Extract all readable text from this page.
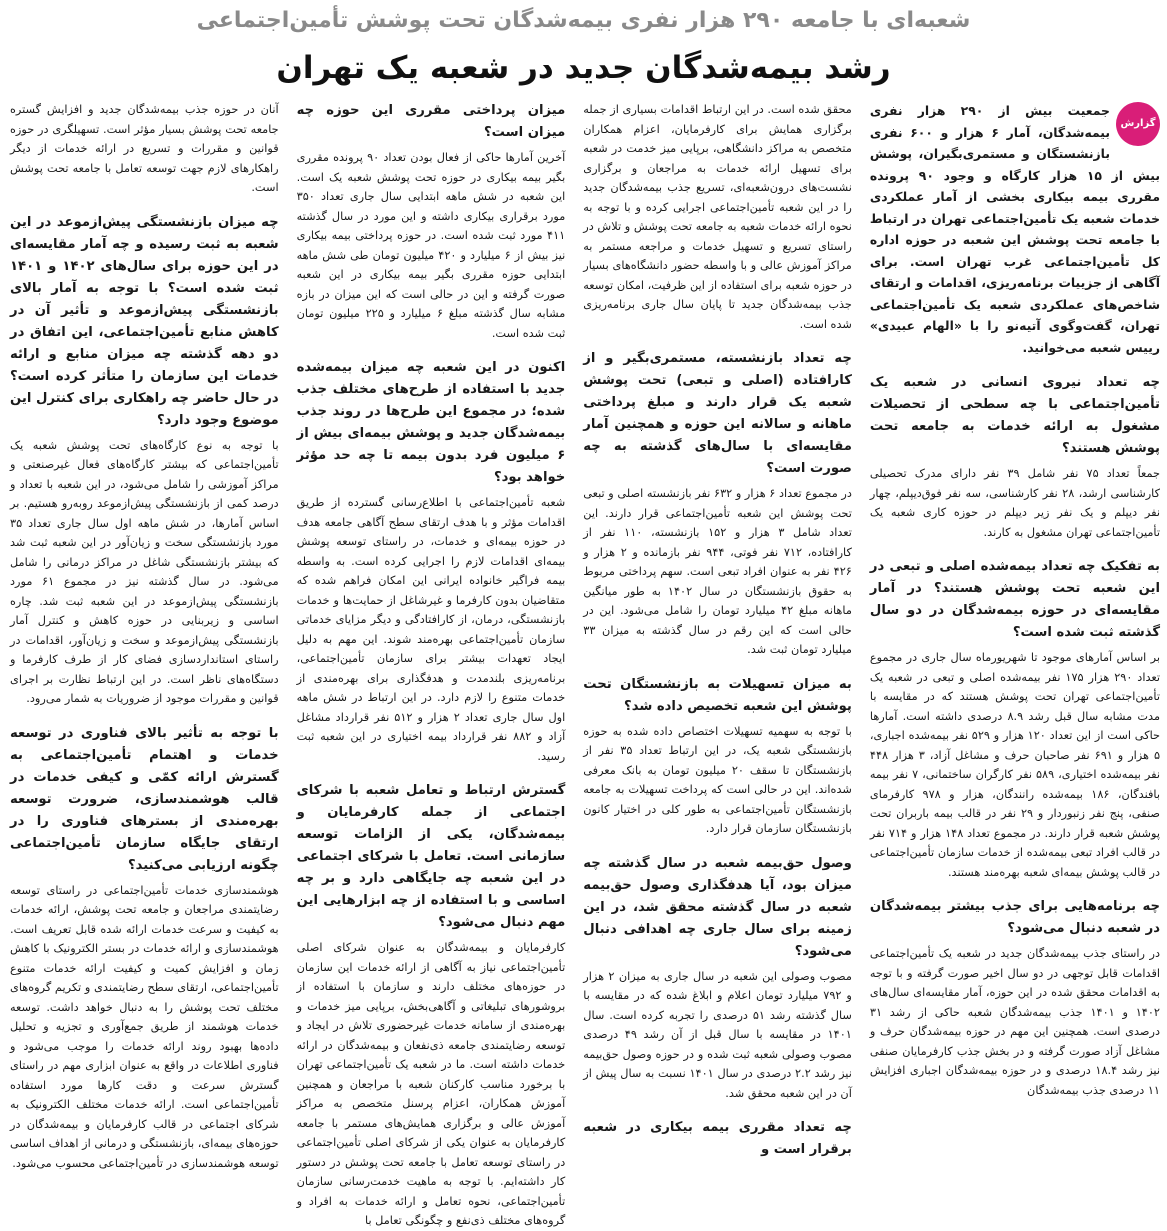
شعبه‌ای با جامعه ۲۹۰ هزار نفری بیمه‌شدگان تحت پوشش تأمین‌اجتماعی
رشد بیمه‌شدگان جدید در شعبه یک تهران
گزارش

جمعیت بیش از ۲۹۰ هزار نفری بیمه‌شدگان، آمار ۶ هزار و ۶۰۰ نفری بازنشستگان و مستمری‌بگیران، پوشش بیش از ۱۵ هزار کارگاه و وجود ۹۰ پرونده مقرری بیمه بیکاری بخشی از آمار عملکردی خدمات شعبه یک تأمین‌اجتماعی تهران در ارتباط با جامعه تحت پوشش این شعبه در حوزه اداره کل تأمین‌اجتماعی غرب تهران است. برای آگاهی از جزییات برنامه‌ریزی، اقدامات و ارتقای شاخص‌های عملکردی شعبه یک تأمین‌اجتماعی تهران، گفت‌وگوی آتیه‌نو را با «الهام عبیدی» رییس شعبه می‌خوانید.

چه تعداد نیروی انسانی در شعبه یک تأمین‌اجتماعی با چه سطحی از تحصیلات مشغول به ارائه خدمات به جامعه تحت پوشش هستند؟

جمعاً تعداد ۷۵ نفر شامل ۳۹ نفر دارای مدرک تحصیلی کارشناسی ارشد، ۲۸ نفر کارشناسی، سه نفر فوق‌دیپلم، چهار نفر دیپلم و یک نفر زیر دیپلم در حوزه کاری شعبه یک تأمین‌اجتماعی تهران مشغول به کارند.

به تفکیک چه تعداد بیمه‌شده اصلی و تبعی در این شعبه تحت پوشش هستند؟ در آمار مقایسه‌ای در حوزه بیمه‌شدگان در دو سال گذشته ثبت شده است؟

بر اساس آمارهای موجود تا شهریورماه سال جاری در مجموع تعداد ۲۹۰ هزار ۱۷۵ نفر بیمه‌شده اصلی و تبعی در شعبه یک تأمین‌اجتماعی تهران تحت پوشش هستند که در مقایسه با مدت مشابه سال قبل رشد ۸.۹ درصدی داشته است. آمارها حاکی است از این تعداد ۱۲۰ هزار و ۵۲۹ نفر بیمه‌شده اجباری، ۵ هزار و ۶۹۱ نفر صاحبان حرف و مشاغل آزاد، ۳ هزار ۴۴۸ نفر بیمه‌شده اختیاری، ۵۸۹ نفر کارگران ساختمانی، ۷ نفر بیمه بافندگان، ۱۸۶ بیمه‌شده رانندگان، هزار و ۹۷۸ کارفرمای صنفی، پنج نفر زنبوردار و ۲۹ نفر در قالب بیمه باربران تحت پوشش شعبه قرار دارند. در مجموع تعداد ۱۴۸ هزار و ۷۱۴ نفر در قالب افراد تبعی بیمه‌شده از خدمات سازمان تأمین‌اجتماعی در قالب پوشش بیمه‌ای شعبه بهره‌مند هستند.

چه برنامه‌هایی برای جذب بیشتر بیمه‌شدگان در شعبه دنبال می‌شود؟

در راستای جذب بیمه‌شدگان جدید در شعبه یک تأمین‌اجتماعی اقدامات قابل توجهی در دو سال اخیر صورت گرفته و با توجه به اقدامات محقق شده در این حوزه، آمار مقایسه‌ای سال‌های ۱۴۰۲ و ۱۴۰۱ جذب بیمه‌شدگان شعبه حاکی از رشد ۳۱ درصدی است. همچنین این مهم در حوزه بیمه‌شدگان حرف و مشاغل آزاد صورت گرفته و در بخش جذب کارفرمایان صنفی نیز رشد ۱۸.۴ درصدی و در حوزه بیمه‌شدگان اجباری افزایش ۱۱ درصدی جذب بیمه‌شدگان

محقق شده است. در این ارتباط اقدامات بسیاری از جمله برگزاری همایش برای کارفرمایان، اعزام همکاران متخصص به مراکز دانشگاهی، برپایی میز خدمت در شعبه برای تسهیل ارائه خدمات به مراجعان و برگزاری نشست‌های درون‌شعبه‌ای، تسریع جذب بیمه‌شدگان جدید را در این شعبه تأمین‌اجتماعی اجرایی کرده و با توجه به نحوه ارائه خدمات شعبه به جامعه تحت پوشش و تلاش در راستای تسریع و تسهیل خدمات و مراجعه مستمر به مراکز آموزش عالی و با واسطه حضور دانشگاه‌های بسیار در حوزه شعبه برای استفاده از این ظرفیت، امکان توسعه جذب بیمه‌شدگان جدید تا پایان سال جاری برنامه‌ریزی شده است.

چه تعداد بازنشسته، مستمری‌بگیر و از کارافتاده (اصلی و تبعی) تحت پوشش شعبه یک قرار دارند و مبلغ پرداختی ماهانه و سالانه این حوزه و همچنین آمار مقایسه‌ای با سال‌های گذشته به چه صورت است؟

در مجموع تعداد ۶ هزار و ۶۳۲ نفر بازنشسته اصلی و تبعی تحت پوشش این شعبه تأمین‌اجتماعی قرار دارند. این تعداد شامل ۳ هزار و ۱۵۲ بازنشسته، ۱۱۰ نفر از کارافتاده، ۷۱۲ نفر فوتی، ۹۴۴ نفر بازمانده و ۲ هزار و ۴۲۶ نفر به عنوان افراد تبعی است. سهم پرداختی مربوط به حقوق بازنشستگان در سال ۱۴۰۲ به طور میانگین ماهانه مبلغ ۴۲ میلیارد تومان را شامل می‌شود. این در حالی است که این رقم در سال گذشته به میزان ۳۳ میلیارد تومان ثبت شد.

به میزان تسهیلات به بازنشستگان تحت پوشش این شعبه تخصیص داده شد؟

با توجه به سهمیه تسهیلات اختصاص داده شده به حوزه بازنشستگی شعبه یک، در این ارتباط تعداد ۳۵ نفر از بازنشستگان تا سقف ۲۰ میلیون تومان به بانک معرفی شده‌اند. این در حالی است که پرداخت تسهیلات به جامعه بازنشستگان تأمین‌اجتماعی به طور کلی در اختیار کانون بازنشستگان سازمان قرار دارد.

وصول حق‌بیمه شعبه در سال گذشته چه میزان بود، آیا هدفگذاری وصول حق‌بیمه شعبه در سال گذشته محقق شد، در این زمینه برای سال جاری چه اهدافی دنبال می‌شود؟

مصوب وصولی این شعبه در سال جاری به میزان ۲ هزار و ۷۹۲ میلیارد تومان اعلام و ابلاغ شده که در مقایسه با سال گذشته رشد ۵۱ درصدی را تجربه کرده است. سال ۱۴۰۱ در مقایسه با سال قبل از آن رشد ۴۹ درصدی مصوب وصولی شعبه ثبت شده و در حوزه وصول حق‌بیمه نیز رشد ۲.۲ درصدی در سال ۱۴۰۱ نسبت به سال پیش از آن در این شعبه محقق شد.

چه تعداد مقرری بیمه بیکاری در شعبه برقرار است و

میزان پرداختی مقرری این حوزه چه میزان است؟

آخرین آمارها حاکی از فعال بودن تعداد ۹۰ پرونده مقرری بگیر بیمه بیکاری در حوزه تحت پوشش شعبه یک است. این شعبه در شش ماهه ابتدایی سال جاری تعداد ۳۵۰ مورد برقراری بیکاری داشته و این مورد در سال گذشته ۴۱۱ مورد ثبت شده است. در حوزه پرداختی بیمه بیکاری نیز بیش از ۶ میلیارد و ۴۲۰ میلیون تومان طی شش ماهه ابتدایی حوزه مقرری بگیر بیمه بیکاری در این شعبه صورت گرفته و این در حالی است که این میزان در بازه مشابه سال گذشته مبلغ ۶ میلیارد و ۲۲۵ میلیون تومان ثبت شده است.

اکنون در این شعبه چه میزان بیمه‌شده جدید با استفاده از طرح‌های مختلف جذب شده؛ در مجموع این طرح‌ها در روند جذب بیمه‌شدگان جدید و پوشش بیمه‌ای بیش از ۶ میلیون فرد بدون بیمه تا چه حد مؤثر خواهد بود؟

شعبه تأمین‌اجتماعی با اطلاع‌رسانی گسترده از طریق اقدامات مؤثر و با هدف ارتقای سطح آگاهی جامعه هدف در حوزه بیمه‌ای و خدمات، در راستای توسعه پوشش بیمه‌ای اقدامات لازم را اجرایی کرده است. به واسطه بیمه فراگیر خانواده ایرانی این امکان فراهم شده که متقاضیان بدون کارفرما و غیرشاغل از حمایت‌ها و خدمات بازنشستگی، درمان، از کارافتادگی و دیگر مزایای خدماتی سازمان تأمین‌اجتماعی بهره‌مند شوند. این مهم به دلیل ایجاد تعهدات بیشتر برای سازمان تأمین‌اجتماعی، برنامه‌ریزی بلندمدت و هدفگذاری برای بهره‌مندی از خدمات متنوع را لازم دارد. در این ارتباط در شش ماهه اول سال جاری تعداد ۲ هزار و ۵۱۲ نفر قرارداد مشاغل آزاد و ۸۸۲ نفر قرارداد بیمه اختیاری در این شعبه ثبت رسید.

گسترش ارتباط و تعامل شعبه با شرکای اجتماعی از جمله کارفرمایان و بیمه‌شدگان، یکی از الزامات توسعه سازمانی است. تعامل با شرکای اجتماعی در این شعبه چه جایگاهی دارد و بر چه اساسی و با استفاده از چه ابزارهایی این مهم دنبال می‌شود؟

کارفرمایان و بیمه‌شدگان به عنوان شرکای اصلی تأمین‌اجتماعی نیاز به آگاهی از ارائه خدمات این سازمان در حوزه‌های مختلف دارند و سازمان با استفاده از بروشورهای تبلیغاتی و آگاهی‌بخش، برپایی میز خدمات و بهره‌مندی از سامانه خدمات غیرحضوری تلاش در ایجاد و توسعه رضایتمندی جامعه ذی‌نفعان و بیمه‌شدگان در ارائه خدمات داشته است. ما در شعبه یک تأمین‌اجتماعی تهران با برخورد مناسب کارکنان شعبه با مراجعان و همچنین آموزش همکاران، اعزام پرسنل متخصص به مراکز آموزش عالی و برگزاری همایش‌های مستمر با جامعه کارفرمایان به عنوان یکی از شرکای اصلی تأمین‌اجتماعی در راستای توسعه تعامل با جامعه تحت پوشش در دستور کار داشته‌ایم. با توجه به ماهیت خدمت‌رسانی سازمان تأمین‌اجتماعی، نحوه تعامل و ارائه خدمات به افراد و گروه‌های مختلف ذی‌نفع و چگونگی تعامل با

آنان در حوزه جذب بیمه‌شدگان جدید و افزایش گستره جامعه تحت پوشش بسیار مؤثر است. تسهیلگری در حوزه قوانین و مقررات و تسریع در ارائه خدمات از دیگر راهکارهای لازم جهت توسعه تعامل با جامعه تحت پوشش است.

چه میزان بازنشستگی پیش‌از‌موعد در این شعبه به ثبت رسیده و چه آمار مقایسه‌ای در این حوزه برای سال‌های ۱۴۰۲ و ۱۴۰۱ ثبت شده است؟ با توجه به آمار بالای بازنشستگی پیش‌از‌موعد و تأثیر آن در کاهش منابع تأمین‌اجتماعی، این اتفاق در دو دهه گذشته چه میزان منابع و ارائه خدمات این سازمان را متأثر کرده است؟ در حال حاضر چه راهکاری برای کنترل این موضوع وجود دارد؟

با توجه به نوع کارگاه‌های تحت پوشش شعبه یک تأمین‌اجتماعی که بیشتر کارگاه‌های فعال غیرصنعتی و مراکز آموزشی را شامل می‌شود، در این شعبه با تعداد و درصد کمی از بازنشستگی پیش‌از‌موعد روبه‌رو هستیم. بر اساس آمارها، در شش ماهه اول سال جاری تعداد ۳۵ مورد بازنشستگی سخت و زیان‌آور در این شعبه ثبت شد که بیشتر بازنشستگی شاغل در مراکز درمانی را شامل می‌شود. در سال گذشته نیز در مجموع ۶۱ مورد بازنشستگی پیش‌از‌موعد در این شعبه ثبت شد. چاره اساسی و زیربنایی در حوزه کاهش و کنترل آمار بازنشستگی پیش‌از‌موعد و سخت و زیان‌آور، اقدامات در راستای استانداردسازی فضای کار از طرف کارفرما و دستگاه‌های ناظر است. در این ارتباط نظارت بر اجرای قوانین و مقررات موجود از ضروریات به شمار می‌رود.

با توجه به تأثیر بالای فناوری در توسعه خدمات و اهتمام تأمین‌اجتماعی به گسترش ارائه کمّی و کیفی خدمات در قالب هوشمندسازی، ضرورت توسعه بهره‌مندی از بسترهای فناوری را در ارتقای جایگاه سازمان تأمین‌اجتماعی چگونه ارزیابی می‌کنید؟

هوشمندسازی خدمات تأمین‌اجتماعی در راستای توسعه رضایتمندی مراجعان و جامعه تحت پوشش، ارائه خدمات به کیفیت و سرعت خدمات ارائه شده قابل تعریف است. هوشمندسازی و ارائه خدمات در بستر الکترونیک با کاهش زمان و افزایش کمیت و کیفیت ارائه خدمات متنوع تأمین‌اجتماعی، ارتقای سطح رضایتمندی و تکریم گروه‌های مختلف تحت پوشش را به دنبال خواهد داشت. توسعه خدمات هوشمند از طریق جمع‌آوری و تجزیه و تحلیل داده‌ها بهبود روند ارائه خدمات را موجب می‌شود و فناوری اطلاعات در واقع به عنوان ابزاری مهم در راستای گسترش سرعت و دقت کارها مورد استفاده تأمین‌اجتماعی است. ارائه خدمات مختلف الکترونیک به شرکای اجتماعی در قالب کارفرمایان و بیمه‌شدگان در حوزه‌های بیمه‌ای، بازنشستگی و درمانی از اهداف اساسی توسعه هوشمندسازی در تأمین‌اجتماعی محسوب می‌شود.
